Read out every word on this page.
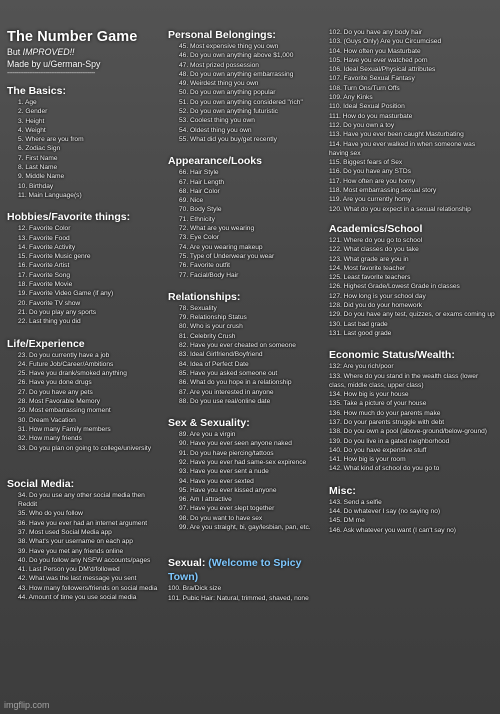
The Number Game
But IMPROVED!!
Made by u/German-Spy
------------------------------------------------
The Basics:
1. Age
2. Gender
3. Height
4. Weight
5. Where are you from
6. Zodiac Sign
7. First Name
8. Last Name
9. Middle Name
10. Birthday
11. Main Language(s)
Hobbies/Favorite things:
12. Favorite Color
13. Favorite Food
14. Favorite Activity
15. Favorite Music genre
16. Favorite Artist
17. Favorite Song
18. Favorite Movie
19. Favorite Video Game (if any)
20. Favorite TV show
21. Do you play any sports
22. Last thing you did
Life/Experience
23. Do you currently have a job
24. Future Job/Career/Ambitions
25. Have you drank/smoked anything
26. Have you done drugs
27. Do you have any pets
28. Most Favorable Memory
29. Most embarrassing moment
30. Dream Vacation
31. How many Family members
32. How many friends
33. Do you plan on going to college/university
Social Media:
34. Do you use any other social media then Reddit
35. Who do you follow
36. Have you ever had an internet argument
37. Most used Social Media app
38. What's your username on each app
39. Have you met any friends online
40. Do you follow any NSFW accounts/pages
41. Last Person you DM'd/followed
42. What was the last message you sent
43. How many followers/friends on social media
44. Amount of time you use social media
Personal Belongings:
45. Most expensive thing you own
46. Do you own anything above $1,000
47. Most prized possession
48. Do you own anything embarrassing
49. Weirdest thing you own
50. Do you own anything popular
51. Do you own anything considered "rich"
52. Do you own anything futuristic
53. Coolest thing you own
54. Oldest thing you own
55. What did you buy/get recently
Appearance/Looks
66. Hair Style
67. Hair Length
68. Hair Color
69. Nice
70. Body Style
71. Ethnicity
72. What are you wearing
73. Eye Color
74. Are you wearing makeup
75. Type of Underwear you wear
76. Favorite outfit
77. Facial/Body Hair
Relationships:
78. Sexuality
79. Relationship Status
80. Who is your crush
81. Celebrity Crush
82. Have you ever cheated on someone
83. Ideal Girlfriend/Boyfriend
84. Idea of Perfect Date
85. Have you asked someone out
86. What do you hope in a relationship
87. Are you interested in anyone
88. Do you use real/online date
Sex & Sexuality:
89. Are you a virgin
90. Have you ever seen anyone naked
91. Do you have piercing/tattoos
92. Have you ever had same-sex expirence
93. Have you ever sent a nude
94. Have you ever sexted
95. Have you ever kissed anyone
96. Am I attractive
97. Have you ever slept together
98. Do you want to have sex
99. Are you straight, bi, gay/lesbian, pan, etc.
Sexual: (Welcome to Spicy Town)
100. Bra/Dick size
101. Pubic Hair: Natural, trimmed, shaved, none
102. Do you have any body hair
103. (Guys Only) Are you Circumcised
104. How often you Masturbate
105. Have you ever watched porn
106. Ideal Sexual/Physical attributes
107. Favorite Sexual Fantasy
108. Turn Ons/Turn Offs
109. Any Kinks
110. Ideal Sexual Position
111. How do you masturbate
112. Do you own a toy
113. Have you ever been caught Masturbating
114. Have you ever walked in when someone was having sex
115. Biggest fears of Sex
116. Do you have any STDs
117. How often are you horny
118. Most embarrassing sexual story
119. Are you currently horny
120. What do you expect in a sexual relationship
Academics/School
121. Where do you go to school
122. What classes do you take
123. What grade are you in
124. Most favorite teacher
125. Least favorite teachers
126. Highest Grade/Lowest Grade in classes
127. How long is your school day
128. Did you do your homework
129. Do you have any test, quizzes, or exams coming up
130. Last bad grade
131. Last good grade
Economic Status/Wealth:
132: Are you rich/poor
133. Where do you stand in the wealth class (lower class, middle class, upper class)
134. How big is your house
135. Take a picture of your house
136. How much do your parents make
137. Do your parents struggle with debt
138. Do you own a pool (above-ground/below-ground)
139. Do you live in a gated neighborhood
140. Do you have expensive stuff
141. How big is your room
142. What kind of school do you go to
Misc:
143. Send a selfie
144. Do whatever I say (no saying no)
145. DM me
146. Ask whatever you want (I can't say no)
imgflip.com
